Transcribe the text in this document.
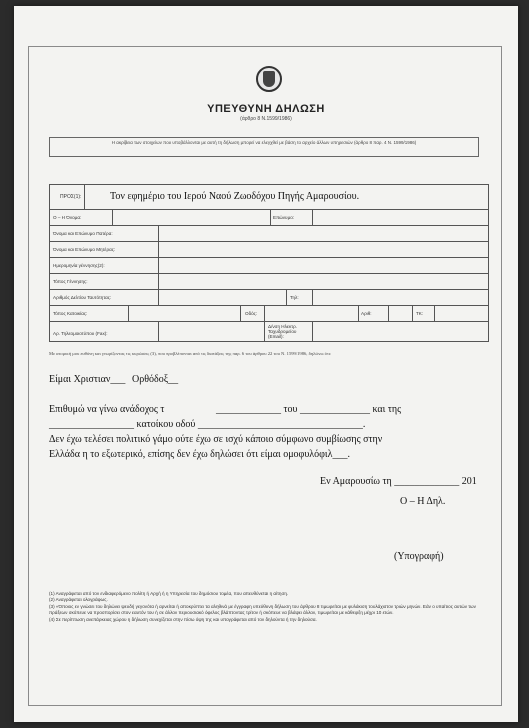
ΥΠΕΥΘΥΝΗ ΔΗΛΩΣΗ
(άρθρο 8 Ν.1599/1986)
Η ακρίβεια των στοιχείων που υποβάλλονται με αυτή τη δήλωση μπορεί να ελεγχθεί με βάση το αρχείο άλλων υπηρεσιών (άρθρο 8 παρ. 4 Ν. 1599/1986)
ΠΡΟΣ(1):	Τον εφημέριο του Ιερού Ναού Ζωοδόχου Πηγής Αμαρουσίου.
Ο – Η Όνομα:	Επώνυμο:
Όνομα και Επώνυμο Πατέρα:
Όνομα και Επώνυμο Μητέρας:
Ημερομηνία γέννησης(2):
Τόπος Γέννησης:
Αριθμός Δελτίου Ταυτότητας:	Τηλ:
Τόπος Κατοικίας:	Οδός:	Αριθ:	ΤΚ:
Αρ. Τηλεομοιοτύπου (Fax):
Δ/νση Ηλεκτρ. Ταχυδρομείου (Email):
Με ατομική μου ευθύνη και γνωρίζοντας τις κυρώσεις (3), που προβλέπονται από τις διατάξεις της παρ. 6 του άρθρου 22 του Ν. 1599/1986, δηλώνω ότι:
Είμαι Χριστιαν___ Ορθόδοξ__
Επιθυμώ να γίνω ανάδοχος τ	_____________ του ______________ και της
_________________ κατοίκου οδού _________________________________.
Δεν έχω τελέσει πολιτικό γάμο ούτε έχω σε ισχύ κάποιο σύμφωνο συμβίωσης στην
Ελλάδα η το εξωτερικό, επίσης δεν έχω δηλώσει ότι είμαι ομοφυλόφιλ___.
Εν Αμαρουσίω τη _____________ 201
Ο – Η Δηλ.
(Υπογραφή)
(1) Αναγράφεται από τον ενδιαφερόμενο πολίτη ή Αρχή ή η Υπηρεσία του δημόσιου τομέα, που απευθύνεται η αίτηση.
(2) Αναγράφεται ολογράφως.
(3) «Όποιος εν γνώσει του δηλώνει ψευδή γεγονότα ή αρνείται ή αποκρύπτει τα αληθινά με έγγραφη υπεύθυνη δήλωση του άρθρου 8 τιμωρείται με φυλάκιση τουλάχιστον τριών μηνών. Εάν ο υπαίτιος αυτών των πράξεων σκόπευε να προσπορίσει στον εαυτόν του ή σε άλλον περιουσιακό όφελος βλάπτοντας τρίτον ή σκόπευε να βλάψει άλλον, τιμωρείται με κάθειρξη μέχρι 10 ετών.
(4) Σε περίπτωση ανεπάρκειας χώρου η δήλωση συνεχίζεται στην πίσω όψη της και υπογράφεται από τον δηλούντα ή την δηλούσα.
